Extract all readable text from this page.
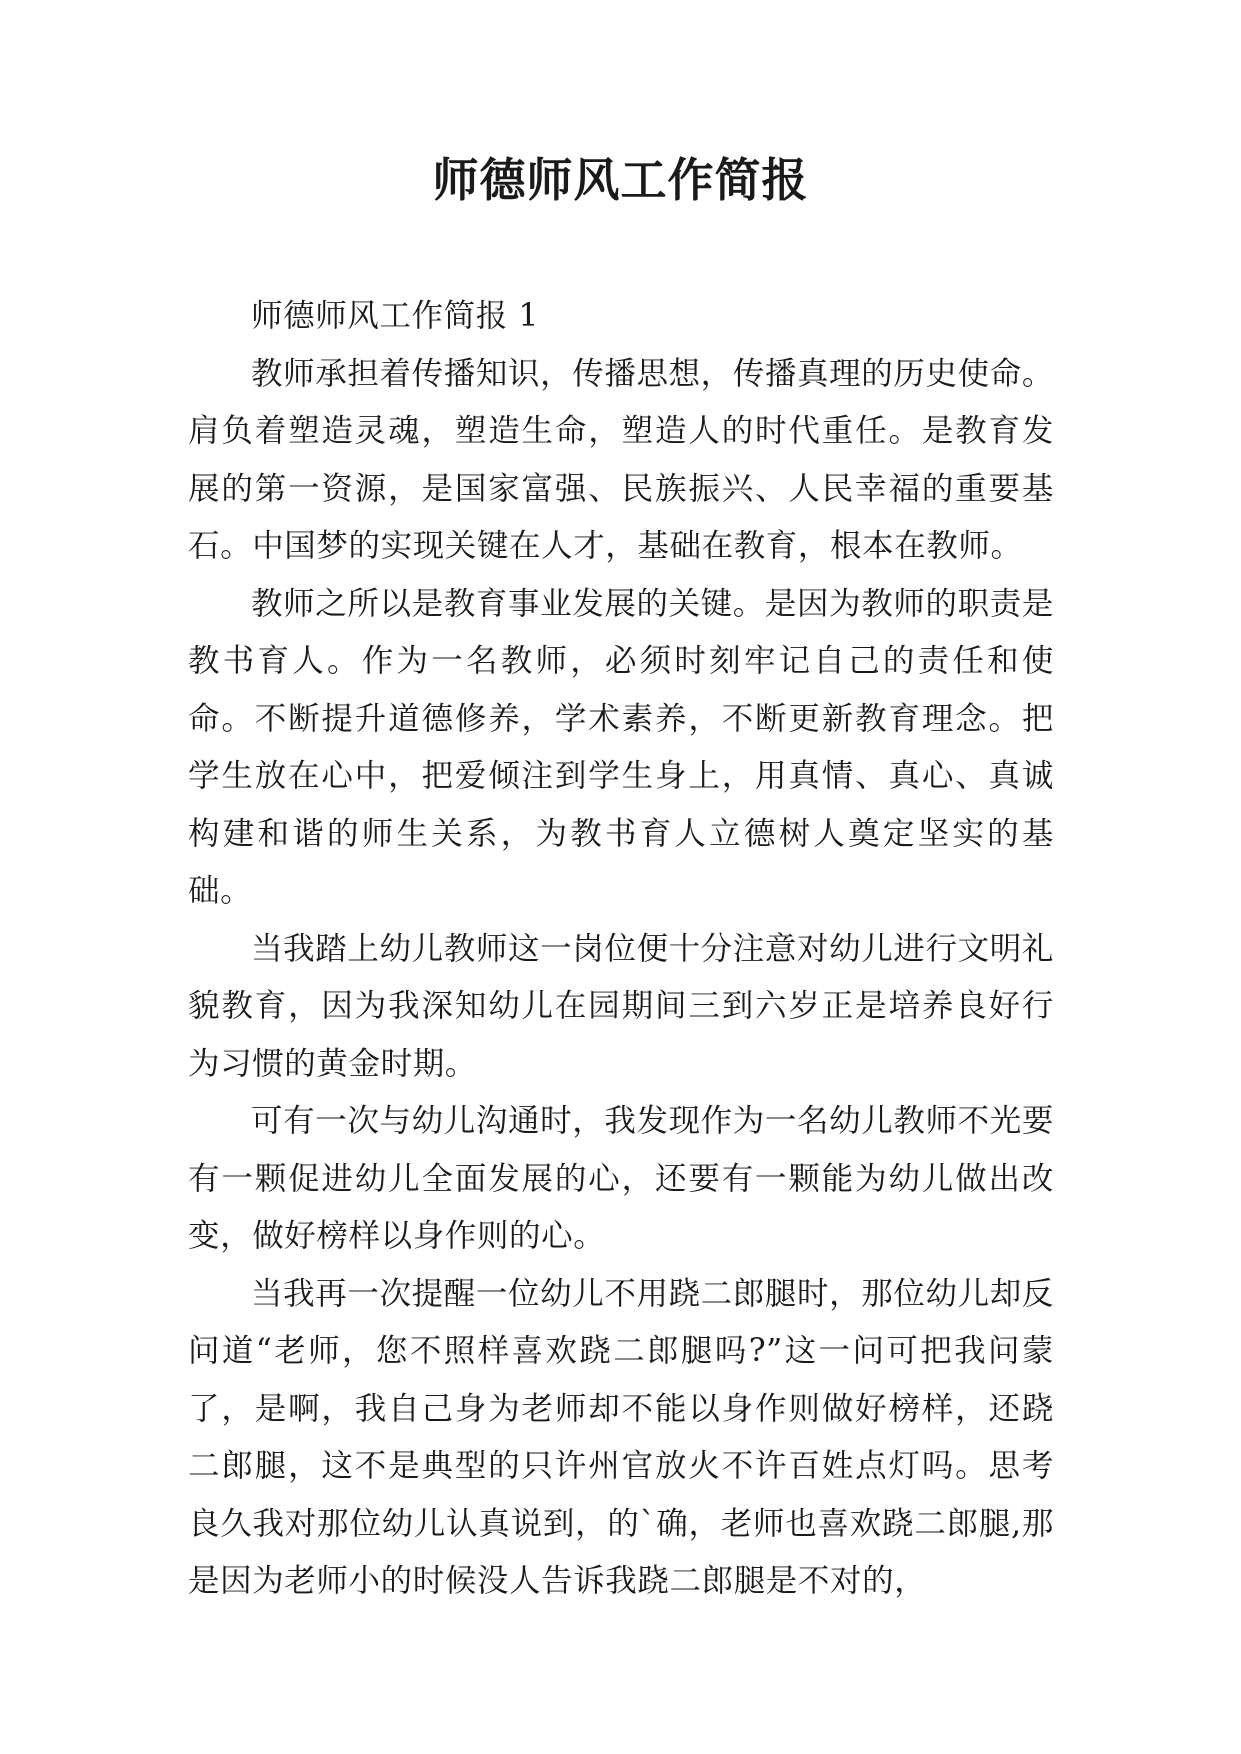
师德师风工作简报

师德师风工作简报 1

教师承担着传播知识，传播思想，传播真理的历史使命。肩负着塑造灵魂，塑造生命，塑造人的时代重任。是教育发展的第一资源，是国家富强、民族振兴、人民幸福的重要基石。中国梦的实现关键在人才，基础在教育，根本在教师。

教师之所以是教育事业发展的关键。是因为教师的职责是教书育人。作为一名教师，必须时刻牢记自己的责任和使命。不断提升道德修养，学术素养，不断更新教育理念。把学生放在心中，把爱倾注到学生身上，用真情、真心、真诚构建和谐的师生关系，为教书育人立德树人奠定坚实的基础。

当我踏上幼儿教师这一岗位便十分注意对幼儿进行文明礼貌教育，因为我深知幼儿在园期间三到六岁正是培养良好行为习惯的黄金时期。

可有一次与幼儿沟通时，我发现作为一名幼儿教师不光要有一颗促进幼儿全面发展的心，还要有一颗能为幼儿做出改变，做好榜样以身作则的心。

当我再一次提醒一位幼儿不用跷二郎腿时，那位幼儿却反问道“老师，您不照样喜欢跷二郎腿吗?”这一问可把我问蒙了，是啊，我自己身为老师却不能以身作则做好榜样，还跷二郎腿，这不是典型的只许州官放火不许百姓点灯吗。思考良久我对那位幼儿认真说到，的`确，老师也喜欢跷二郎腿,那是因为老师小的时候没人告诉我跷二郎腿是不对的，
